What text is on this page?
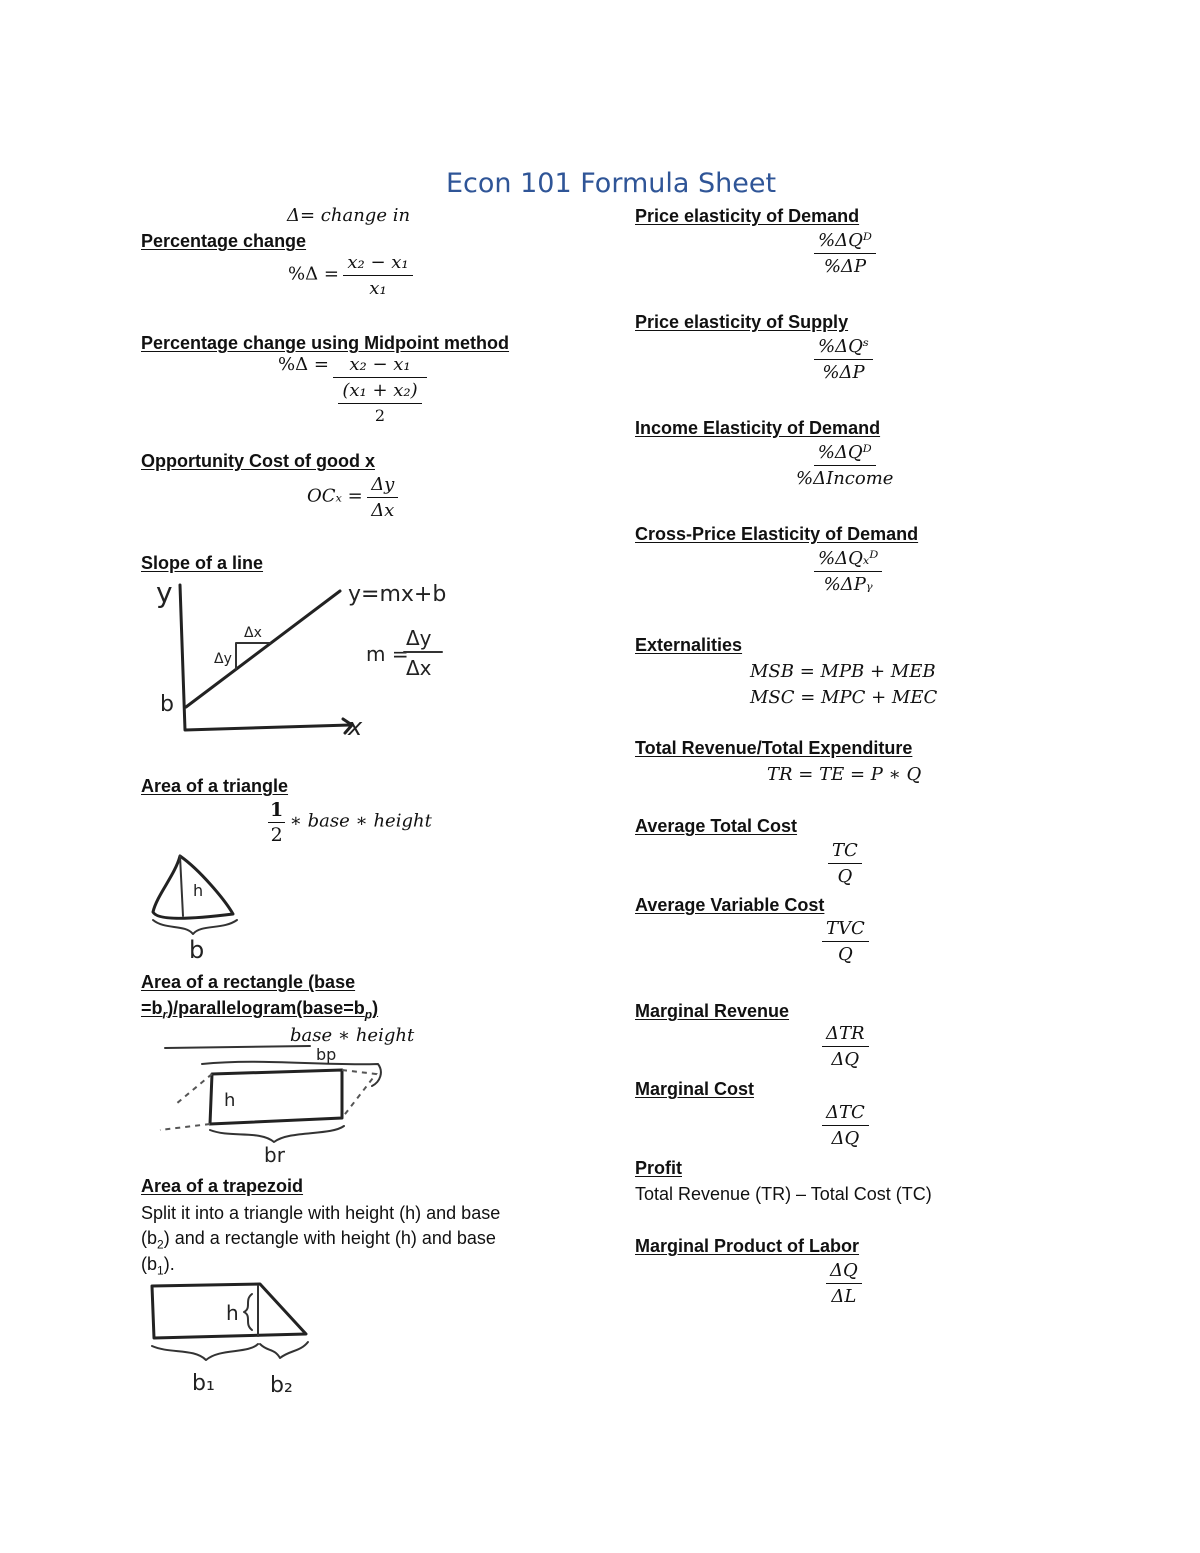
Econ 101 Formula Sheet
Δ= change in
Percentage change
$\%\Delta = \frac{\text{x₂ − x₁}}{\text{x₁}}$
Percentage change using Midpoint method
$\%\Delta = \frac{\text{x₂ − x₁}}{\frac{\text{(x₁ + x₂)}}{2}}$
Opportunity Cost of good x
$OC_x = \frac{\Delta y}{\Delta x}$
Slope of a line
y
x
b
y=mx+b
Δx
Δy	m =
Δy
Δx
Area of a triangle
$\frac{1}{2}$ ∗ base ∗ height
h
b
Area of a rectangle (base
$=b_r)/parallelogram(base=b_p)$
base ∗ height
bp
h
br
Area of a trapezoid
Split it into a triangle with height (h) and base
$(b_2)$ and a rectangle with height (h) and base
$(b_1)$.
h
b₁	b₂
Price elasticity of Demand
%ΔQᴰ
%ΔP
Price elasticity of Supply
%ΔQˢ
%ΔP
Income Elasticity of Demand
%ΔQᴰ
%ΔIncome
Cross-Price Elasticity of Demand
%ΔQₓᴰ
%ΔPᵧ
Externalities
MSB = MPB + MEB
MSC = MPC + MEC
Total Revenue/Total Expenditure
TR = TE = P ∗ Q
Average Total Cost
$\frac{TC}{Q}$
Average Variable Cost
TVC
Q
Marginal Revenue
ΔTR
ΔQ
Marginal Cost
ΔTC
ΔQ
Profit
Total Revenue (TR) – Total Cost (TC)
Marginal Product of Labor
$\frac{\Delta Q}{\Delta L}$
